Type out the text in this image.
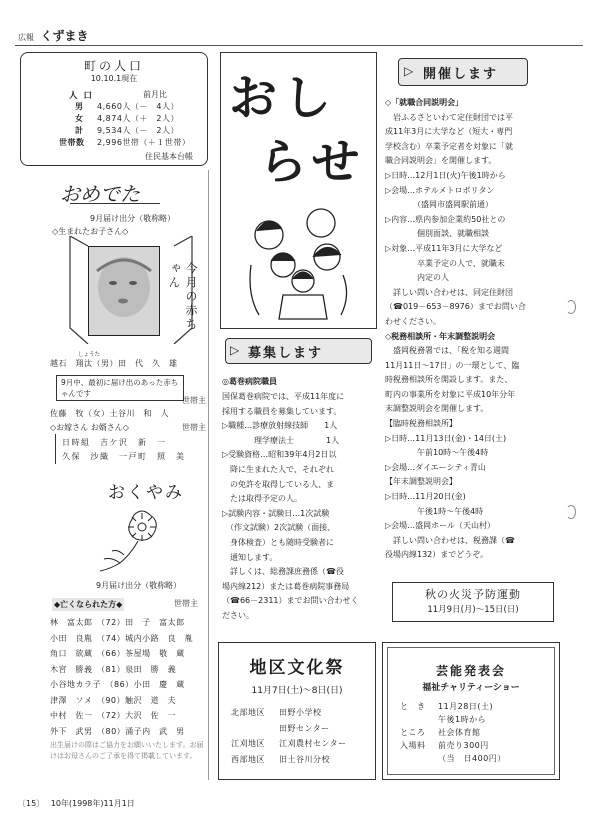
広報 くずまき
町の人口
10.10.1現在
人口	前月比
男 4,660人（－　4人）
女 4,874人（＋　2人）
計 9,534人（－　2人）
世帯数 2,996世帯（＋１世帯）
住民基本台帳
おめでた
9月届け出分（敬称略）
◇生まれたお子さん◇
今月の赤ちゃん
しょうた
越石　翔汰（男）田　代　久　雄
9月中、最初に届け出のあった赤ちゃんです
世帯主
佐藤　牧（女）土谷川　和　人
◇お嫁さん お婿さん◇	世帯主
日時組　吉ケ沢　新　一
久保　沙織　一戸町　照　美
おくやみ
9月届け出分（敬称略）
◆亡くなられた方◆	世帯主
林　富太郎　（72）田　子　富太郎
小田　良胤　（74）城内小路　良　胤
角口　欲蔵　（66）茶屋場　敬　蔵
木宮　勝義　（81）泉田　勝　義
小谷地カラ子　（86）小田　慶　蔵
津澤　ソメ　（90）触沢　道　夫
中村　佐一　（72）大沢　佐　一
外下　武男　（80）涌子内　武　男
出生届けの際はご協力をお願いいたします。お届けはお母さんのご了承を得て掲載しています。
おし
らせ
▷ 募集します
◎葛巻病院職員
国保葛巻病院では、平成11年度に
採用する職員を募集しています。
▷職種…診療放射線技師　　1人
　　　　理学療法士　　　　1人
▷受験資格…昭和39年4月2日以
　降に生まれた人で、それぞれ
　の免許を取得している人、ま
　たは取得予定の人。
▷試験内容・試験日…1次試験
　（作文試験）2次試験（面接、
　身体検査）とも随時受験者に
　通知します。
　詳しくは、総務課庶務係（☎役
場内線212）または葛巻病院事務局
（☎66－2311）までお問い合わせく
ださい。
地区文化祭
11月7日(土)～8日(日)
北部地区 田野小学校
田野センター
江刈地区 江刈農村センター
西部地区 旧土谷川分校
▷ 開催します
◇「就職合同説明会」
　岩ふるさといわて定住財団では平
成11年3月に大学など（短大・専門
学校含む）卒業予定者を対象に「就
職合同説明会」を開催します。
▷日時…12月1日(火)午後1時から
▷会場…ホテルメトロポリタン
　　　　（盛岡市盛岡駅前通）
▷内容…県内参加企業約50社との
　　　　個別面談、就職相談
▷対象…平成11年3月に大学など
　　　　卒業予定の人で、就職未
　　　　内定の人
　詳しい問い合わせは、同定住財団
（☎019－653－8976）までお問い合
わせください。
◇税務相談所・年末調整説明会
　盛岡税務署では、「税を知る週間
11月11日～17日」の一環として、臨
時税務相談所を開設します。また、
町内の事業所を対象に平成10年分年
末調整説明会を開催します。
【臨時税務相談所】
▷日時…11月13日(金)・14日(土)
　　　　午前10時～午後4時
▷会場…ダイエーシティ青山
【年末調整説明会】
▷日時…11月20日(金)
　　　　午後1時～午後4時
▷会場…盛岡ホール（天山村）
　詳しい問い合わせは、税務課（☎
役場内線132）までどうぞ。
秋の火災予防運動
11月9日(月)～15日(日)
芸能発表会
福祉チャリティーショー
と　き 11月28日(土)
午後1時から
ところ 社会体育館
入場料 前売り300円
（当　日400円）
〔15〕 10年(1998年)11月1日
